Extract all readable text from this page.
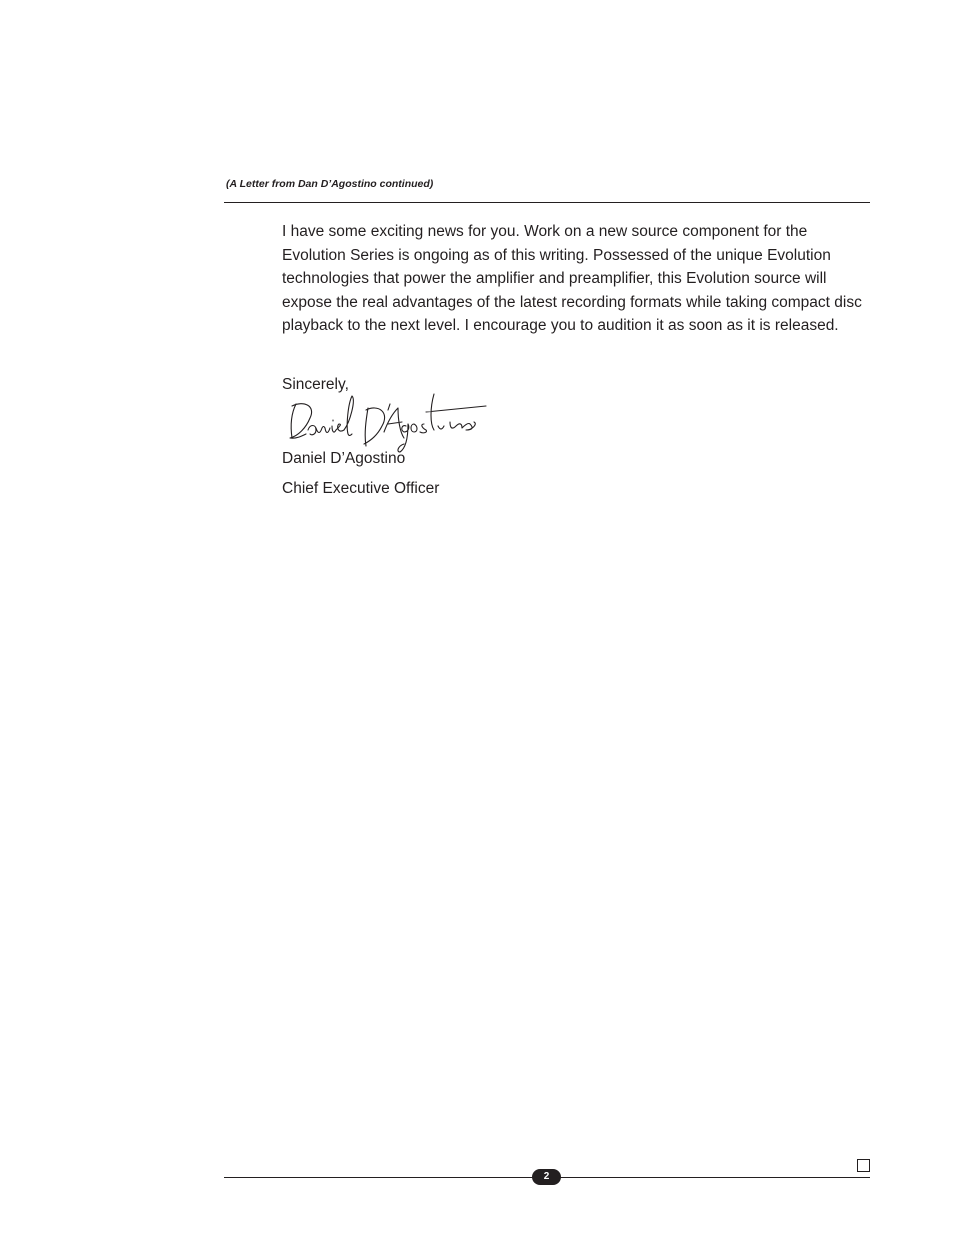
(A Letter from Dan D’Agostino continued)

I have some exciting news for you. Work on a new source component for the Evolution Series is ongoing as of this writing. Possessed of the unique Evolution technologies that power the amplifier and preamplifier, this Evolution source will expose the real advantages of the latest recording formats while taking compact disc playback to the next level. I encourage you to audition it as soon as it is released.

Sincerely,
Daniel D’Agostino
Chief Executive Officer
2
